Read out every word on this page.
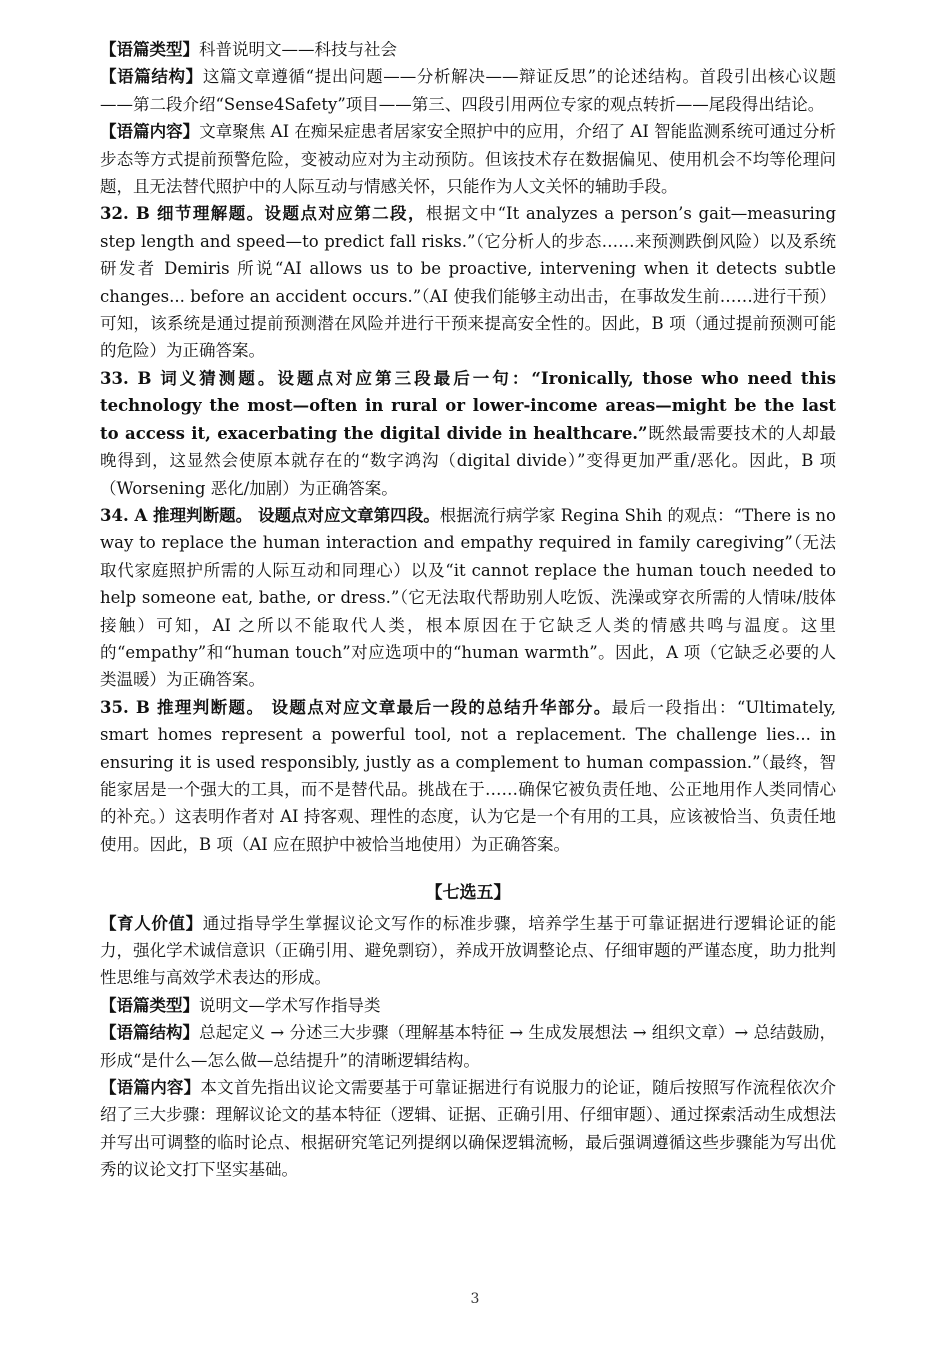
【语篇类型】科普说明文——科技与社会

【语篇结构】这篇文章遵循“提出问题——分析解决——辩证反思”的论述结构。首段引出核心议题——第二段介绍“Sense4Safety”项目——第三、四段引用两位专家的观点转折——尾段得出结论。

【语篇内容】文章聚焦 AI 在痴呆症患者居家安全照护中的应用，介绍了 AI 智能监测系统可通过分析步态等方式提前预警危险，变被动应对为主动预防。但该技术存在数据偏见、使用机会不均等伦理问题，且无法替代照护中的人际互动与情感关怀，只能作为人文关怀的辅助手段。

32. B 细节理解题。设题点对应第二段，根据文中“It analyzes a person’s gait—measuring step length and speed—to predict fall risks.”（它分析人的步态……来预测跌倒风险）以及系统研发者 Demiris 所说“AI allows us to be proactive, intervening when it detects subtle changes... before an accident occurs.”（AI 使我们能够主动出击，在事故发生前……进行干预）可知，该系统是通过提前预测潜在风险并进行干预来提高安全性的。因此，B 项（通过提前预测可能的危险）为正确答案。

33. B 词义猜测题。设题点对应第三段最后一句：“Ironically, those who need this technology the most—often in rural or lower-income areas—might be the last to access it, exacerbating the digital divide in healthcare.”既然最需要技术的人却最晚得到，这显然会使原本就存在的“数字鸿沟（digital divide）”变得更加严重/恶化。因此，B 项（Worsening 恶化/加剧）为正确答案。

34. A 推理判断题。 设题点对应文章第四段。根据流行病学家 Regina Shih 的观点：“There is no way to replace the human interaction and empathy required in family caregiving”（无法取代家庭照护所需的人际互动和同理心）以及“it cannot replace the human touch needed to help someone eat, bathe, or dress.”（它无法取代帮助别人吃饭、洗澡或穿衣所需的人情味/肢体接触）可知，AI 之所以不能取代人类，根本原因在于它缺乏人类的情感共鸣与温度。这里的“empathy”和“human touch”对应选项中的“human warmth”。因此，A 项（它缺乏必要的人类温暖）为正确答案。

35. B 推理判断题。 设题点对应文章最后一段的总结升华部分。最后一段指出：“Ultimately, smart homes represent a powerful tool, not a replacement. The challenge lies... in ensuring it is used responsibly, justly as a complement to human compassion.”（最终，智能家居是一个强大的工具，而不是替代品。挑战在于……确保它被负责任地、公正地用作人类同情心的补充。）这表明作者对 AI 持客观、理性的态度，认为它是一个有用的工具，应该被恰当、负责任地使用。因此，B 项（AI 应在照护中被恰当地使用）为正确答案。

【七选五】

【育人价值】通过指导学生掌握议论文写作的标准步骤，培养学生基于可靠证据进行逻辑论证的能力，强化学术诚信意识（正确引用、避免剽窃），养成开放调整论点、仔细审题的严谨态度，助力批判性思维与高效学术表达的形成。

【语篇类型】说明文—学术写作指导类

【语篇结构】总起定义 → 分述三大步骤（理解基本特征 → 生成发展想法 → 组织文章）→ 总结鼓励，形成“是什么—怎么做—总结提升”的清晰逻辑结构。

【语篇内容】本文首先指出议论文需要基于可靠证据进行有说服力的论证，随后按照写作流程依次介绍了三大步骤：理解议论文的基本特征（逻辑、证据、正确引用、仔细审题）、通过探索活动生成想法并写出可调整的临时论点、根据研究笔记列提纲以确保逻辑流畅，最后强调遵循这些步骤能为写出优秀的议论文打下坚实基础。

3
